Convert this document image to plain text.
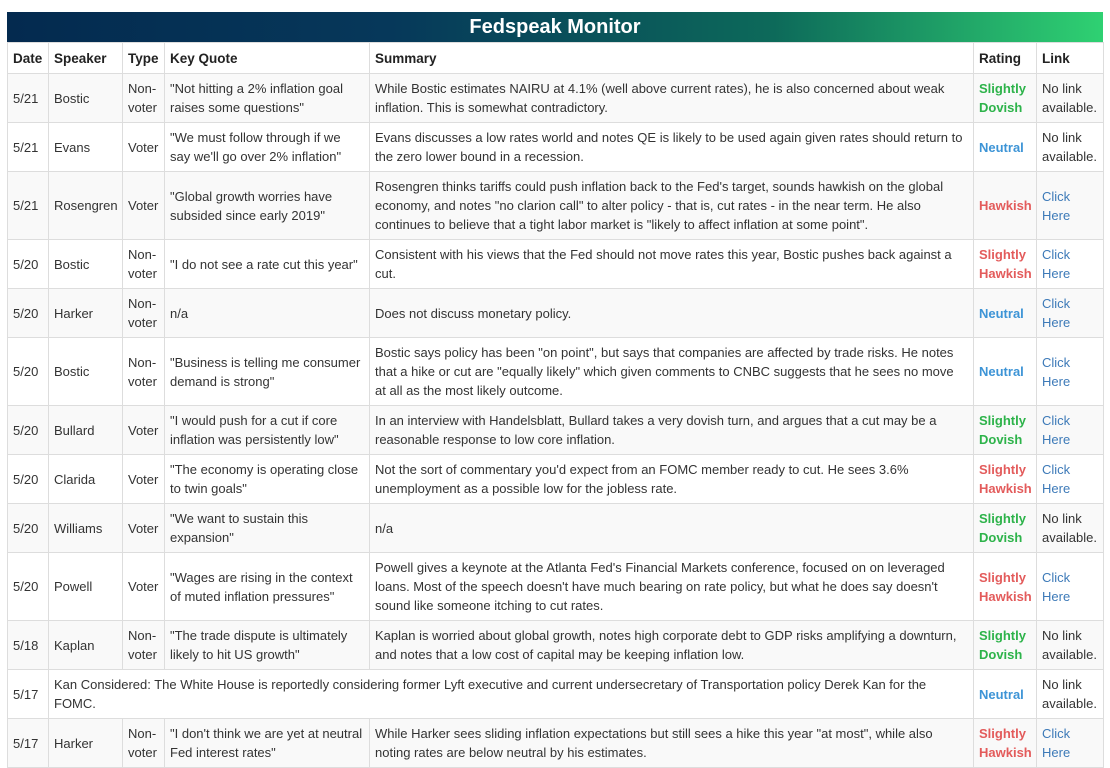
Fedspeak Monitor
Date	Speaker	Type	Key Quote	Summary	Rating	Link
5/21	Bostic	Non-voter	"Not hitting a 2% inflation goal raises some questions"	While Bostic estimates NAIRU at 4.1% (well above current rates), he is also concerned about weak inflation. This is somewhat contradictory.	Slightly Dovish	No link available.
5/21	Evans	Voter	"We must follow through if we say we'll go over 2% inflation"	Evans discusses a low rates world and notes QE is likely to be used again given rates should return to the zero lower bound in a recession.	Neutral	No link available.
5/21	Rosengren	Voter	"Global growth worries have subsided since early 2019"	Rosengren thinks tariffs could push inflation back to the Fed's target, sounds hawkish on the global economy, and notes "no clarion call" to alter policy - that is, cut rates - in the near term. He also continues to believe that a tight labor market is "likely to affect inflation at some point".	Hawkish	Click Here
5/20	Bostic	Non-voter	"I do not see a rate cut this year"	Consistent with his views that the Fed should not move rates this year, Bostic pushes back against a cut.	Slightly Hawkish	Click Here
5/20	Harker	Non-voter	n/a	Does not discuss monetary policy.	Neutral	Click Here
5/20	Bostic	Non-voter	"Business is telling me consumer demand is strong"	Bostic says policy has been "on point", but says that companies are affected by trade risks. He notes that a hike or cut are "equally likely" which given comments to CNBC suggests that he sees no move at all as the most likely outcome.	Neutral	Click Here
5/20	Bullard	Voter	"I would push for a cut if core inflation was persistently low"	In an interview with Handelsblatt, Bullard takes a very dovish turn, and argues that a cut may be a reasonable response to low core inflation.	Slightly Dovish	Click Here
5/20	Clarida	Voter	"The economy is operating close to twin goals"	Not the sort of commentary you'd expect from an FOMC member ready to cut. He sees 3.6% unemployment as a possible low for the jobless rate.	Slightly Hawkish	Click Here
5/20	Williams	Voter	"We want to sustain this expansion"	n/a	Slightly Dovish	No link available.
5/20	Powell	Voter	"Wages are rising in the context of muted inflation pressures"	Powell gives a keynote at the Atlanta Fed's Financial Markets conference, focused on on leveraged loans. Most of the speech doesn't have much bearing on rate policy, but what he does say doesn't sound like someone itching to cut rates.	Slightly Hawkish	Click Here
5/18	Kaplan	Non-voter	"The trade dispute is ultimately likely to hit US growth"	Kaplan is worried about global growth, notes high corporate debt to GDP risks amplifying a downturn, and notes that a low cost of capital may be keeping inflation low.	Slightly Dovish	No link available.
5/17	Kan Considered: The White House is reportedly considering former Lyft executive and current undersecretary of Transportation policy Derek Kan for the FOMC.				Neutral	No link available.
5/17	Harker	Non-voter	"I don't think we are yet at neutral Fed interest rates"	While Harker sees sliding inflation expectations but still sees a hike this year "at most", while also noting rates are below neutral by his estimates.	Slightly Hawkish	Click Here
